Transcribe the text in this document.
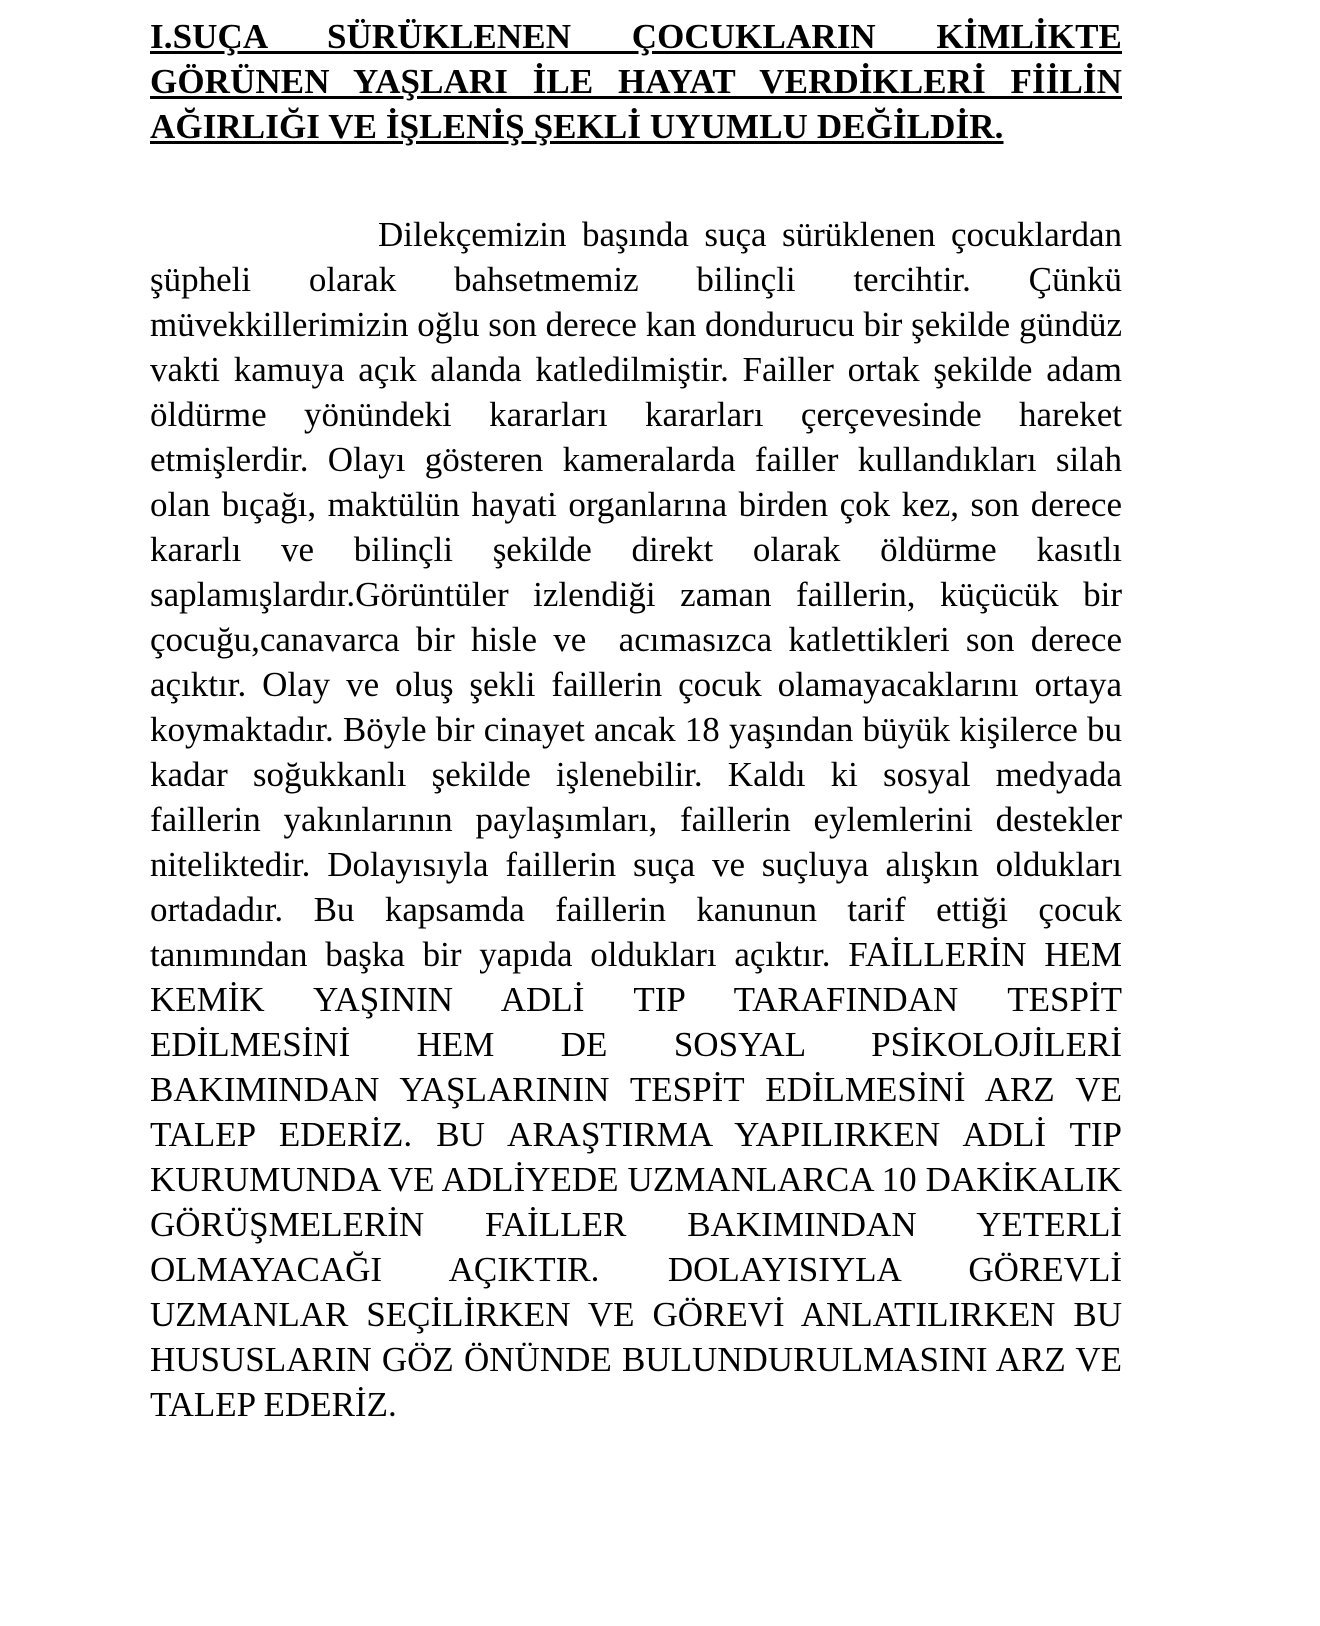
I.SUÇA SÜRÜKLENEN ÇOCUKLARIN KİMLİKTE GÖRÜNEN YAŞLARI İLE HAYAT VERDİKLERİ FİİLİN AĞIRLIĞI VE İŞLENİŞ ŞEKLİ UYUMLU DEĞİLDİR.

Dilekçemizin başında suça sürüklenen çocuklardan şüpheli olarak bahsetmemiz bilinçli tercihtir. Çünkü müvekkillerimizin oğlu son derece kan dondurucu bir şekilde gündüz vakti kamuya açık alanda katledilmiştir. Failler ortak şekilde adam öldürme yönündeki kararları kararları çerçevesinde hareket etmişlerdir. Olayı gösteren kameralarda failler kullandıkları silah olan bıçağı, maktülün hayati organlarına birden çok kez, son derece kararlı ve bilinçli şekilde direkt olarak öldürme kasıtlı saplamışlardır.Görüntüler izlendiği zaman faillerin, küçücük bir çocuğu,canavarca bir hisle ve  acımasızca katlettikleri son derece açıktır. Olay ve oluş şekli faillerin çocuk olamayacaklarını ortaya koymaktadır. Böyle bir cinayet ancak 18 yaşından büyük kişilerce bu kadar soğukkanlı şekilde işlenebilir. Kaldı ki sosyal medyada faillerin yakınlarının paylaşımları, faillerin eylemlerini destekler niteliktedir. Dolayısıyla faillerin suça ve suçluya alışkın oldukları ortadadır. Bu kapsamda faillerin kanunun tarif ettiği çocuk tanımından başka bir yapıda oldukları açıktır. FAİLLERİN HEM KEMİK YAŞININ ADLİ TIP TARAFINDAN TESPİT EDİLMESİNİ HEM DE SOSYAL PSİKOLOJİLERİ BAKIMINDAN YAŞLARININ TESPİT EDİLMESİNİ ARZ VE TALEP EDERİZ. BU ARAŞTIRMA YAPILIRKEN ADLİ TIP KURUMUNDA VE ADLİYEDE UZMANLARCA 10 DAKİKALIK GÖRÜŞMELERİN FAİLLER BAKIMINDAN YETERLİ OLMAYACAĞI AÇIKTIR. DOLAYISIYLA GÖREVLİ UZMANLAR SEÇİLİRKEN VE GÖREVİ ANLATILIRKEN BU HUSUSLARIN GÖZ ÖNÜNDE BULUNDURULMASINI ARZ VE TALEP EDERİZ.
